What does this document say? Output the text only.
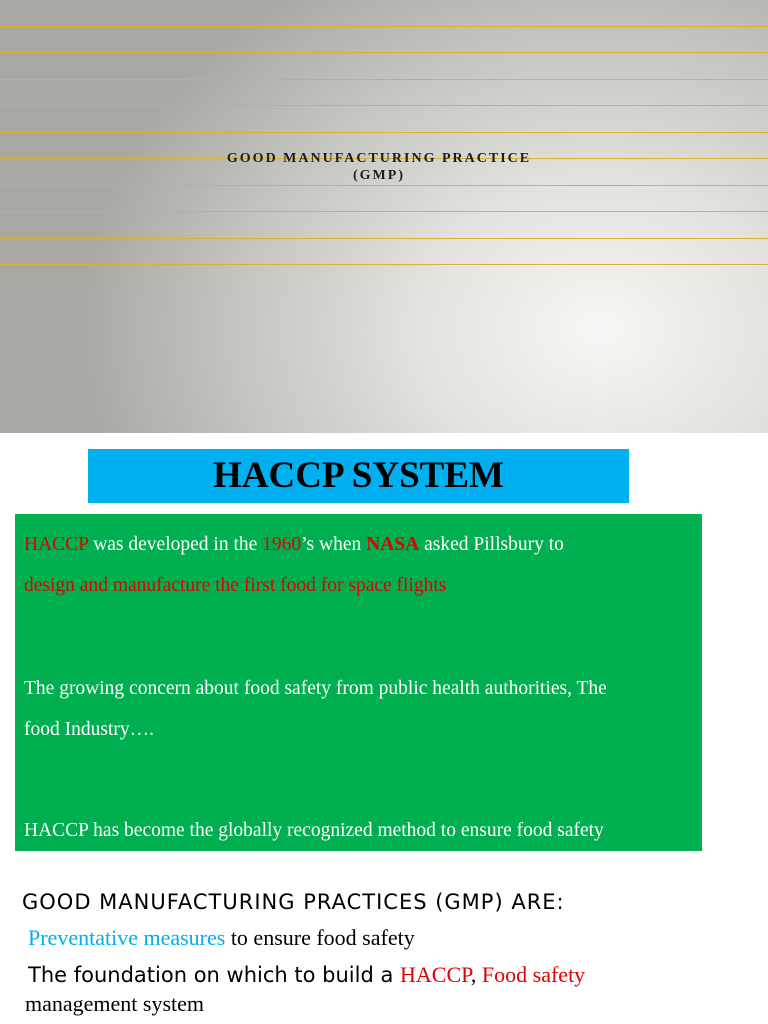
GOOD MANUFACTURING PRACTICE
(GMP)
HACCP SYSTEM
HACCP was developed in the 1960’s when NASA asked Pillsbury to
design and manufacture the first food for space flights
The growing concern about food safety from public health authorities, The
food Industry….
HACCP has become the globally recognized method to ensure food safety
GOOD MANUFACTURING PRACTICES (GMP) ARE:
Preventative measures to ensure food safety
The foundation on which to build a HACCP, Food safety
management system
